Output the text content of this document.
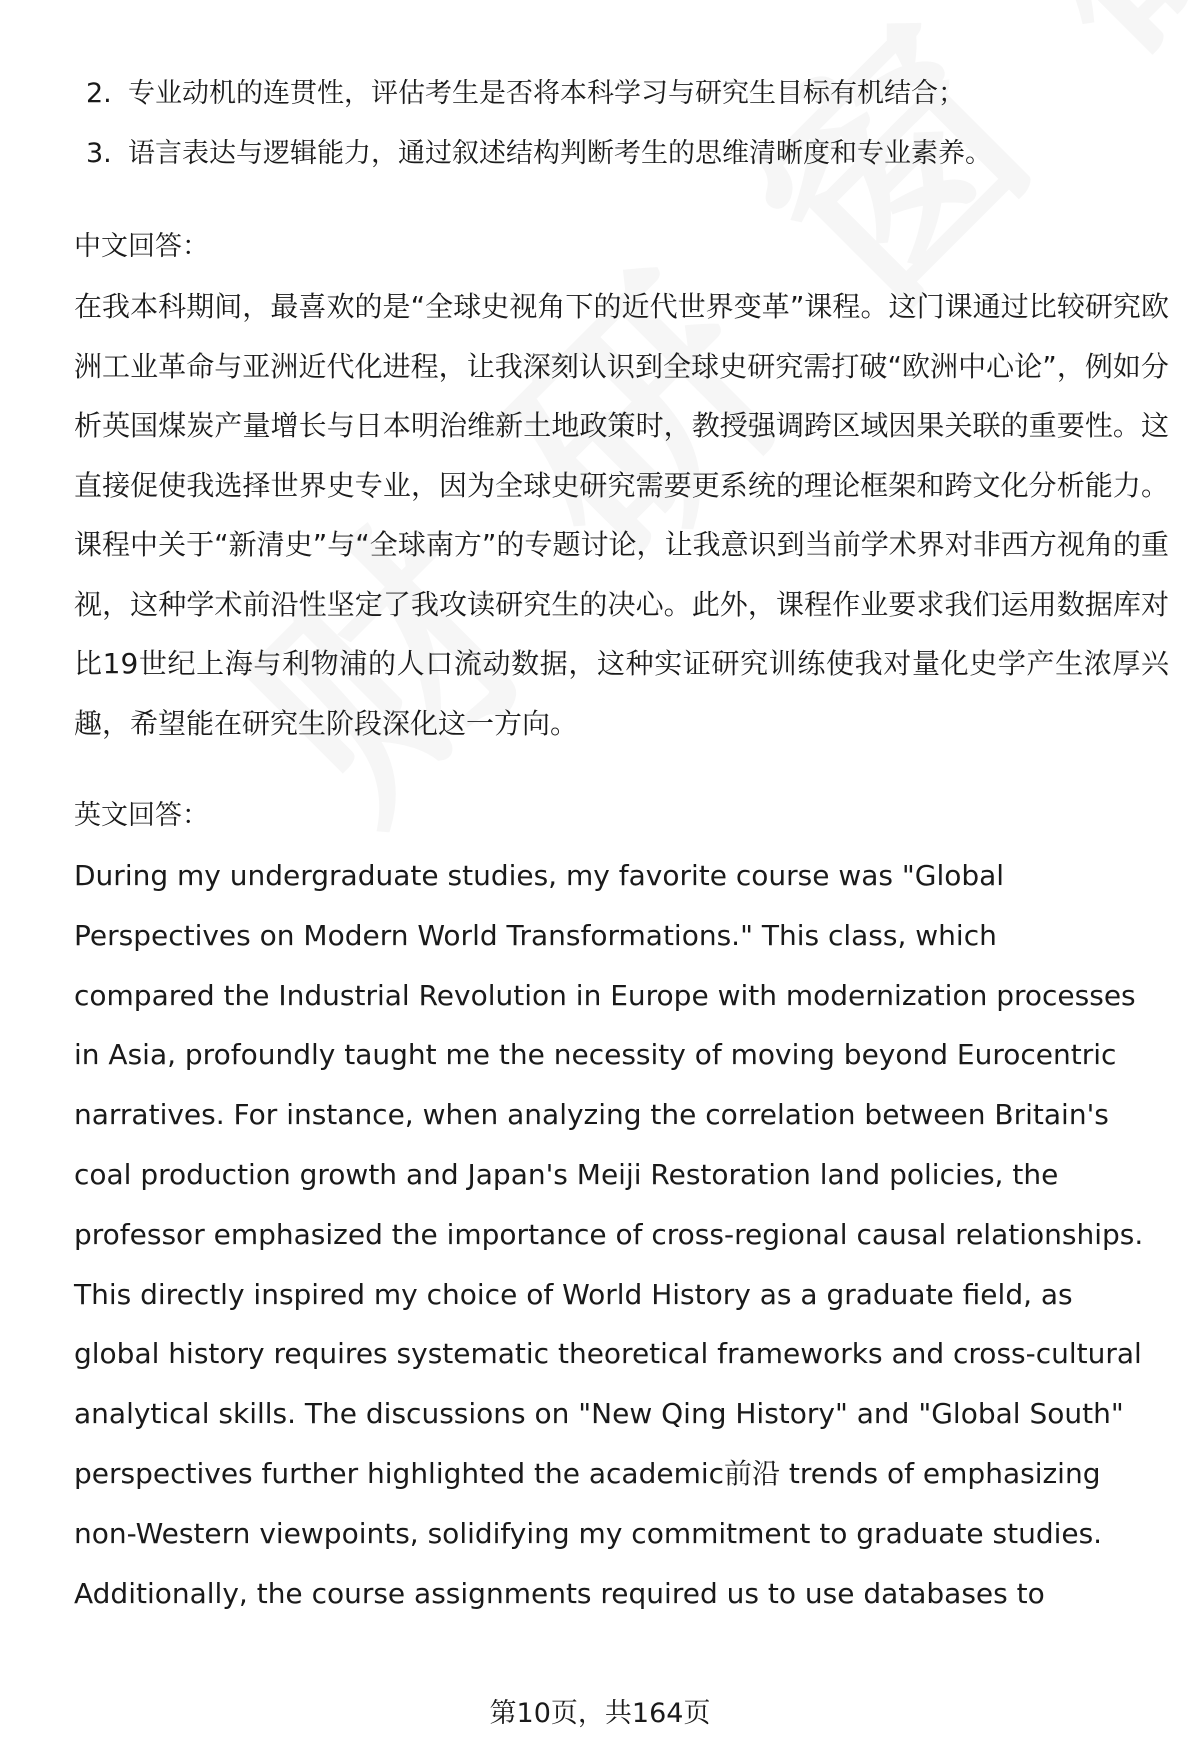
2. 专业动机的连贯性，评估考生是否将本科学习与研究生目标有机结合；
3. 语言表达与逻辑能力，通过叙述结构判断考生的思维清晰度和专业素养。
中文回答：

在我本科期间，最喜欢的是“全球史视角下的近代世界变革”课程。这门课通过比较研究欧洲工业革命与亚洲近代化进程，让我深刻认识到全球史研究需打破“欧洲中心论”，例如分析英国煤炭产量增长与日本明治维新土地政策时，教授强调跨区域因果关联的重要性。这直接促使我选择世界史专业，因为全球史研究需要更系统的理论框架和跨文化分析能力。课程中关于“新清史”与“全球南方”的专题讨论，让我意识到当前学术界对非西方视角的重视，这种学术前沿性坚定了我攻读研究生的决心。此外，课程作业要求我们运用数据库对比19世纪上海与利物浦的人口流动数据，这种实证研究训练使我对量化史学产生浓厚兴趣，希望能在研究生阶段深化这一方向。

英文回答：

During my undergraduate studies, my favorite course was "Global
Perspectives on Modern World Transformations." This class, which
compared the Industrial Revolution in Europe with modernization processes
in Asia, profoundly taught me the necessity of moving beyond Eurocentric
narratives. For instance, when analyzing the correlation between Britain's
coal production growth and Japan's Meiji Restoration land policies, the
professor emphasized the importance of cross-regional causal relationships.
This directly inspired my choice of World History as a graduate field, as
global history requires systematic theoretical frameworks and cross-cultural
analytical skills. The discussions on "New Qing History" and "Global South"
perspectives further highlighted the academic前沿 trends of emphasizing
non-Western viewpoints, solidifying my commitment to graduate studies.
Additionally, the course assignments required us to use databases to

第10页，共164页
